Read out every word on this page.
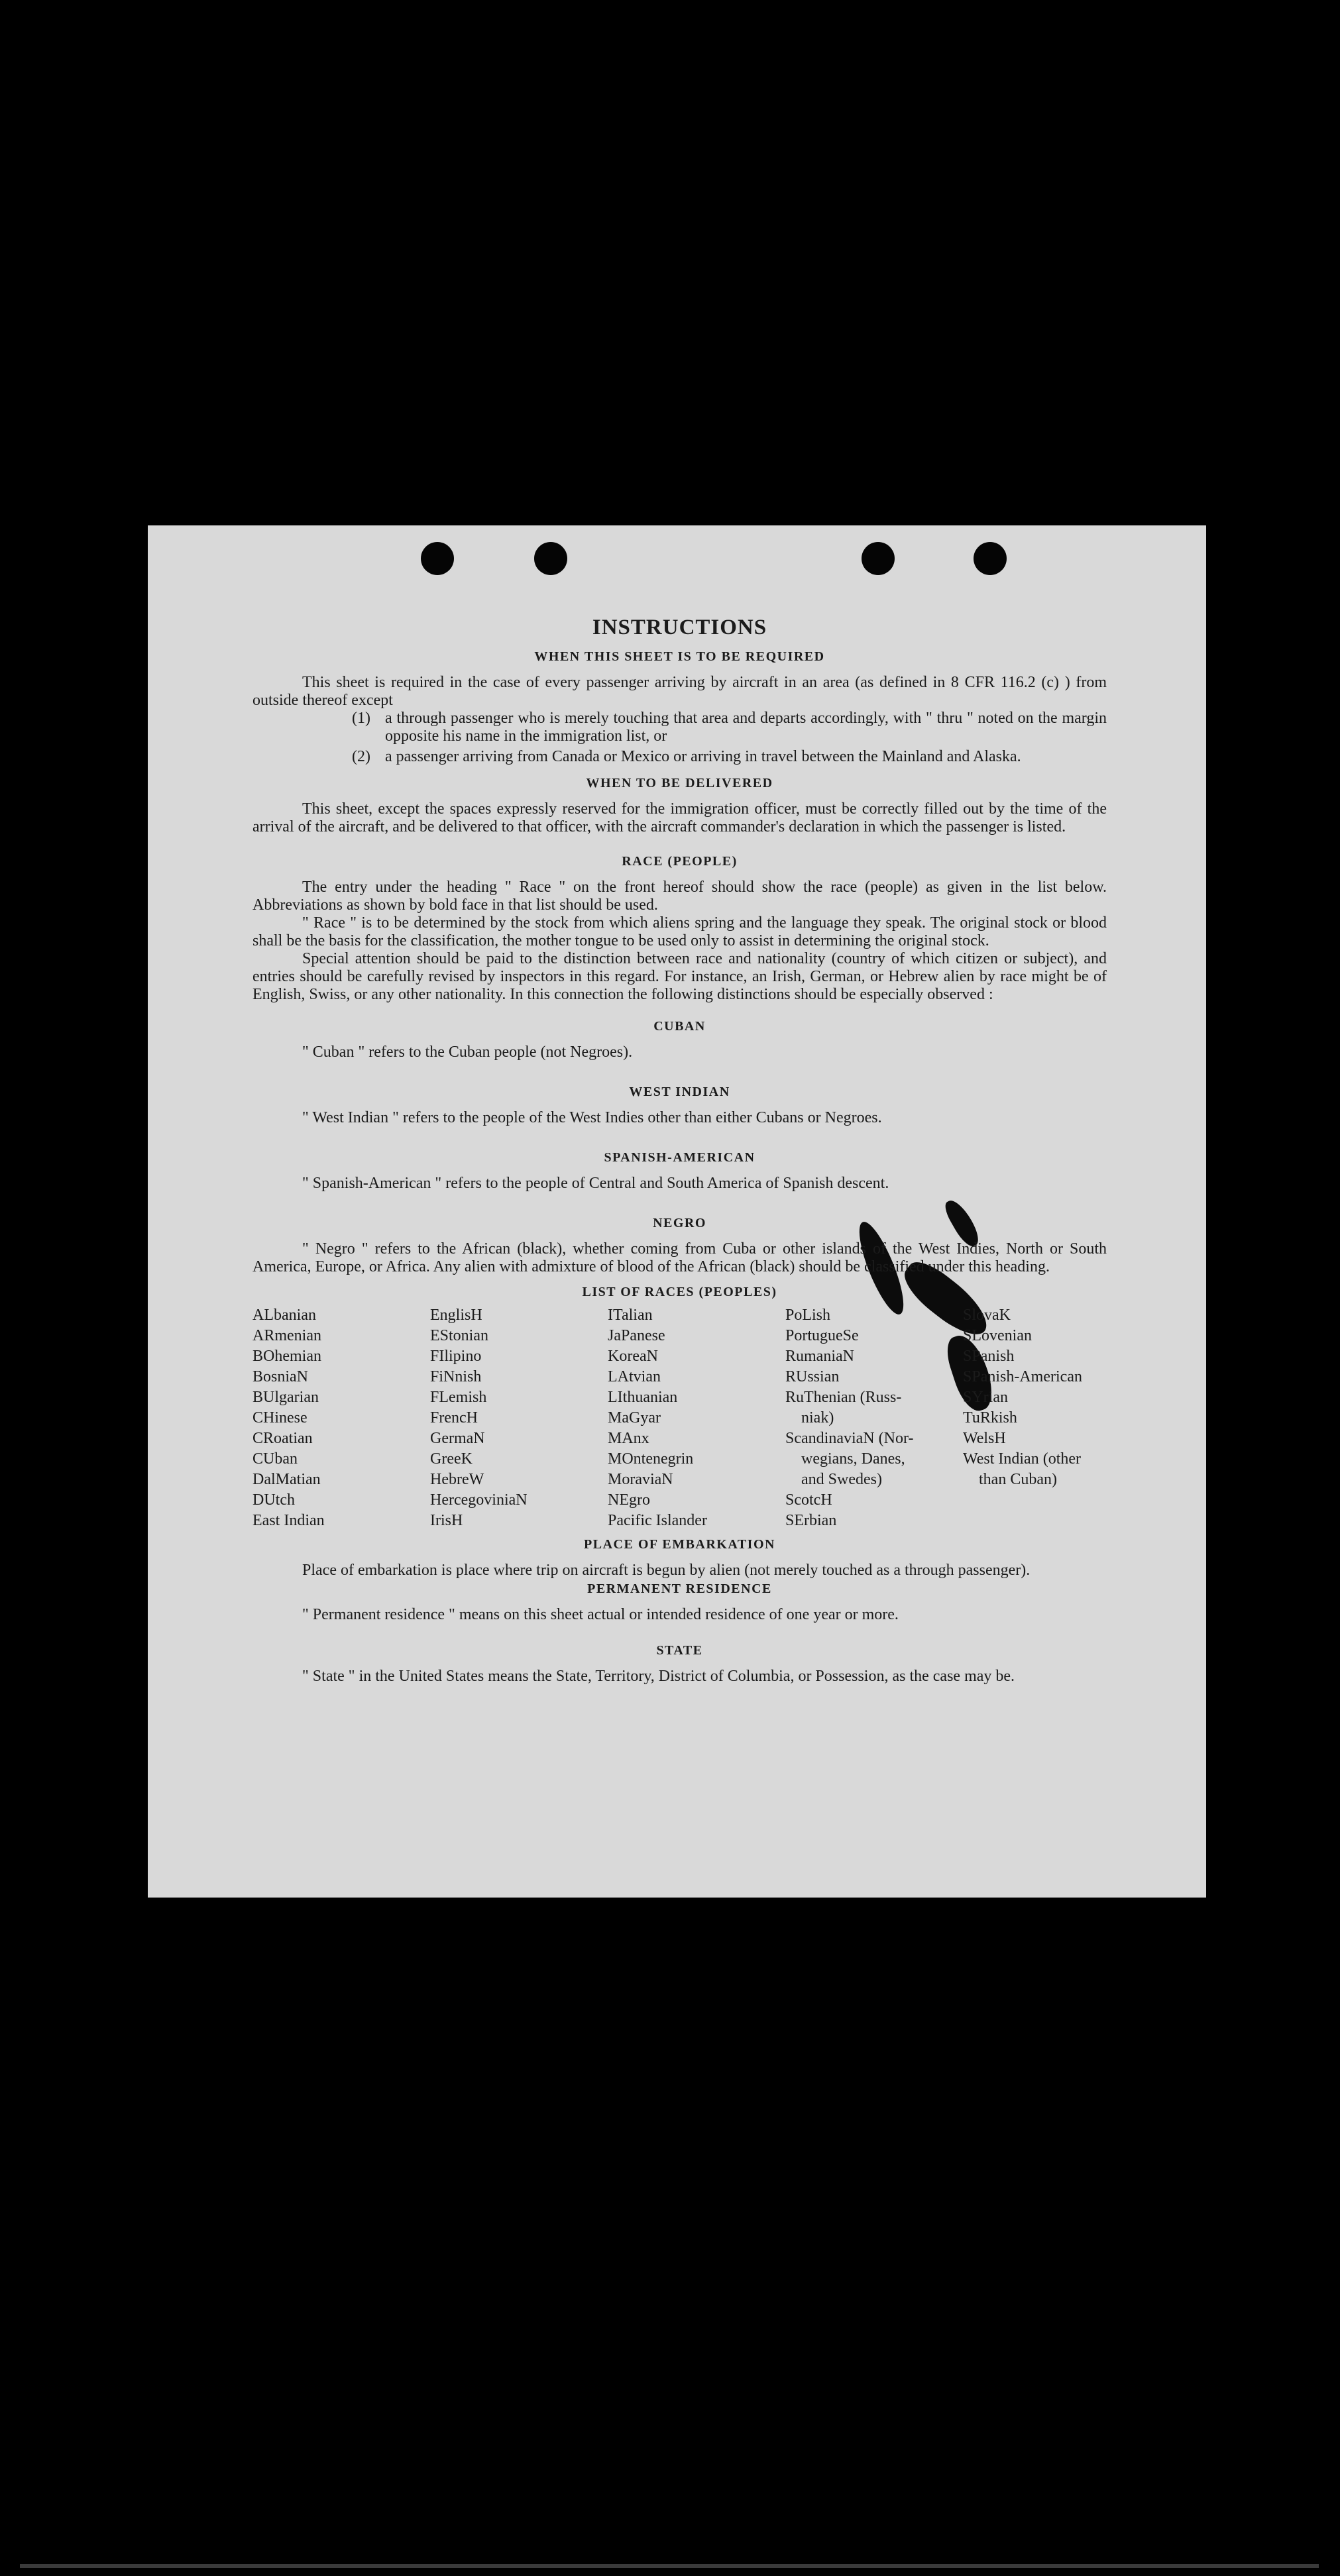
INSTRUCTIONS
WHEN THIS SHEET IS TO BE REQUIRED

This sheet is required in the case of every passenger arriving by aircraft in an area (as defined in 8 CFR 116.2 (c) ) from outside thereof except

(1) a through passenger who is merely touching that area and departs accordingly, with " thru " noted on the margin opposite his name in the immigration list, or
(2) a passenger arriving from Canada or Mexico or arriving in travel between the Mainland and Alaska.
WHEN TO BE DELIVERED

This sheet, except the spaces expressly reserved for the immigration officer, must be correctly filled out by the time of the arrival of the aircraft, and be delivered to that officer, with the aircraft commander's declaration in which the passenger is listed.

RACE (PEOPLE)

The entry under the heading " Race " on the front hereof should show the race (people) as given in the list below. Abbreviations as shown by bold face in that list should be used.

" Race " is to be determined by the stock from which aliens spring and the language they speak. The original stock or blood shall be the basis for the classification, the mother tongue to be used only to assist in determining the original stock.

Special attention should be paid to the distinction between race and nationality (country of which citizen or subject), and entries should be carefully revised by inspectors in this regard. For instance, an Irish, German, or Hebrew alien by race might be of English, Swiss, or any other nationality. In this connection the following distinctions should be especially observed :

CUBAN

" Cuban " refers to the Cuban people (not Negroes).

WEST INDIAN

" West Indian " refers to the people of the West Indies other than either Cubans or Negroes.

SPANISH-AMERICAN

" Spanish-American " refers to the people of Central and South America of Spanish descent.

NEGRO

" Negro " refers to the African (black), whether coming from Cuba or other islands of the West Indies, North or South America, Europe, or Africa. Any alien with admixture of blood of the African (black) should be classified under this heading.

LIST OF RACES (PEOPLES)
ALbanian
ARmenian
BOhemian
BosniaN
BUlgarian
CHinese
CRoatian
CUban
DalMatian
DUtch
East Indian
EnglisH
EStonian
FIlipino
FiNnish
FLemish
FrencH
GermaN
GreeK
HebreW
HercegoviniaN
IrisH
ITalian
JaPanese
KoreaN
LAtvian
LIthuanian
MaGyar
MAnx
MOntenegrin
MoraviaN
NEgro
Pacific Islander
PoLish
PortugueSe
RumaniaN
RUssian
RuThenian (Russ-
niak)
ScandinaviaN (Nor-
wegians, Danes,
and Swedes)
ScotcH
SErbian
SlovaK
SLovenian
SPanish
SPanish-American
SYrian
TuRkish
WelsH
West Indian (other
than Cuban)
PLACE OF EMBARKATION

Place of embarkation is place where trip on aircraft is begun by alien (not merely touched as a through passenger).

PERMANENT RESIDENCE

" Permanent residence " means on this sheet actual or intended residence of one year or more.

STATE

" State " in the United States means the State, Territory, District of Columbia, or Possession, as the case may be.
